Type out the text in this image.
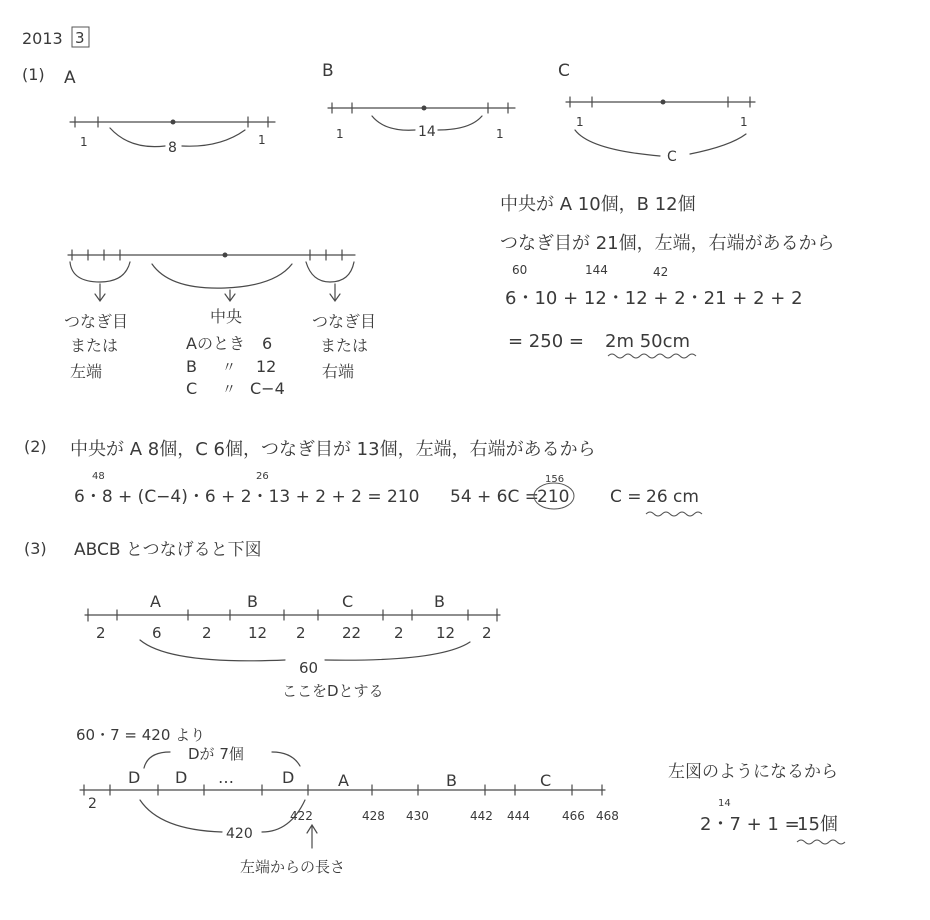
2013 3
(1) A
1	1
8
B
1	1
14
C
1	1
C
つなぎ目
または
左端
中央
Aのとき 6
B 〃 12
C 〃 C−4
つなぎ目
または
右端
中央が A 10個，B 12個
つなぎ目が 21個，左端，右端があるから
60	144	42
6・10 + 12・12 + 2・21 + 2 + 2
= 250 = 2m 50cm
(2) 中央が A 8個，C 6個，つなぎ目が 13個，左端，右端があるから
48	26	156
6・8 + (C−4)・6 + 2・13 + 2 + 2 = 210 54 + 6C =
210 C = 26 cm
(3) ABCB とつなげると下図
60
ここをDとする
60・7 = 420 より
Dが 7個
2
420
左端からの長さ
左図のようになるから
14
2・7 + 1 =
15個
A	B	C	B
2	6	2 12 2 22 2 12 2
D D …	D	A	B	C
422	428 430	442 444	466 468
